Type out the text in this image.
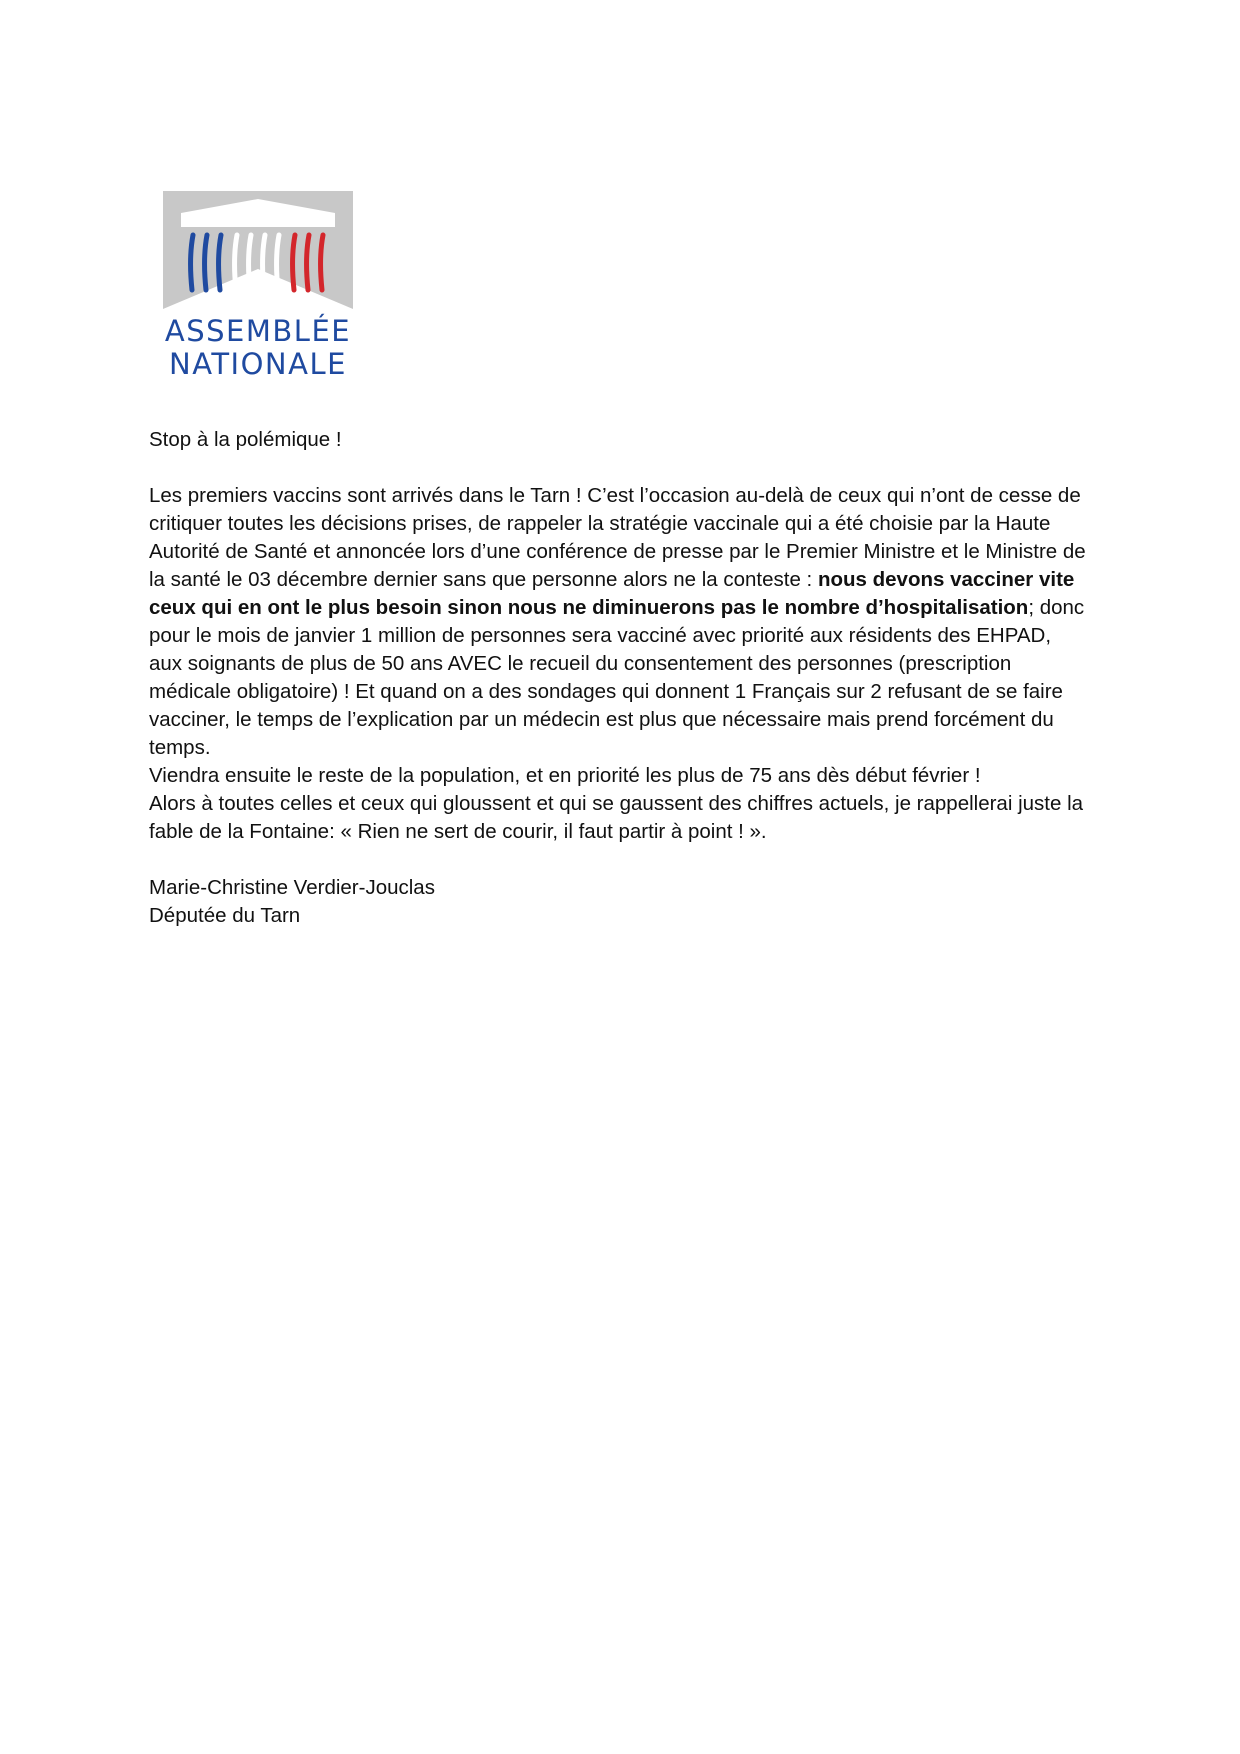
ASSEMBLÉE
NATIONALE

Stop à la polémique !

Les premiers vaccins sont arrivés dans le Tarn ! C’est l’occasion au-delà de ceux qui n’ont de cesse de critiquer toutes les décisions prises, de rappeler la stratégie vaccinale qui a été choisie par la Haute Autorité de Santé et annoncée lors d’une conférence de presse par le Premier Ministre et le Ministre de la santé le 03 décembre dernier sans que personne alors ne la conteste : nous devons vacciner vite ceux qui en ont le plus besoin sinon nous ne diminuerons pas le nombre d’hospitalisation; donc pour le mois de janvier 1 million de personnes sera vacciné avec priorité aux résidents des EHPAD, aux soignants de plus de 50 ans AVEC le recueil du consentement des personnes (prescription médicale obligatoire) ! Et quand on a des sondages qui donnent 1 Français sur 2 refusant de se faire vacciner, le temps de l’explication par un médecin est plus que nécessaire mais prend forcément du temps.

Viendra ensuite le reste de la population, et en priorité les plus de 75 ans dès début février !

Alors à toutes celles et ceux qui gloussent et qui se gaussent des chiffres actuels, je rappellerai juste la fable de la Fontaine: « Rien ne sert de courir, il faut partir à point ! ».

Marie-Christine Verdier-Jouclas

Députée du Tarn
